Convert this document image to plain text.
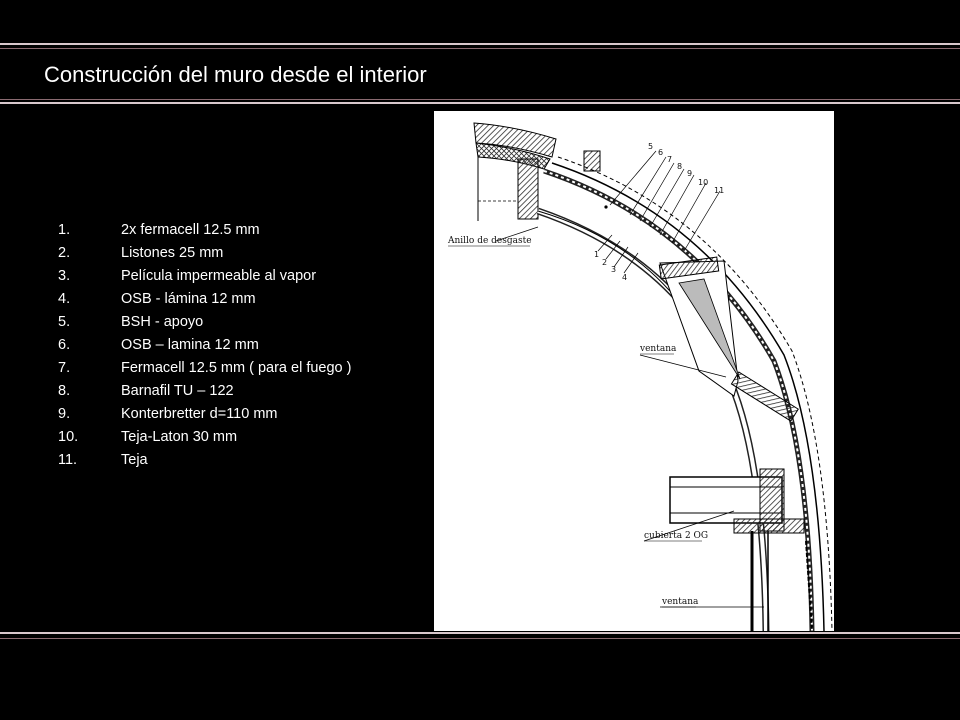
Construcción del muro desde el interior
1.	2x fermacell 12.5 mm
2.	Listones 25 mm
3.	Película impermeable al vapor
4.	OSB - lámina 12 mm
5.	BSH - apoyo
6.	OSB – lamina 12 mm
7.	Fermacell 12.5 mm ( para el fuego )
8.	Barnafil TU – 122
9.	Konterbretter d=110 mm
10.	Teja-Laton 30 mm
11.	Teja
5
6
7
8
9
10
11
1
2
3
4
Anillo de desgaste
ventana
cubierta 2 OG
ventana
